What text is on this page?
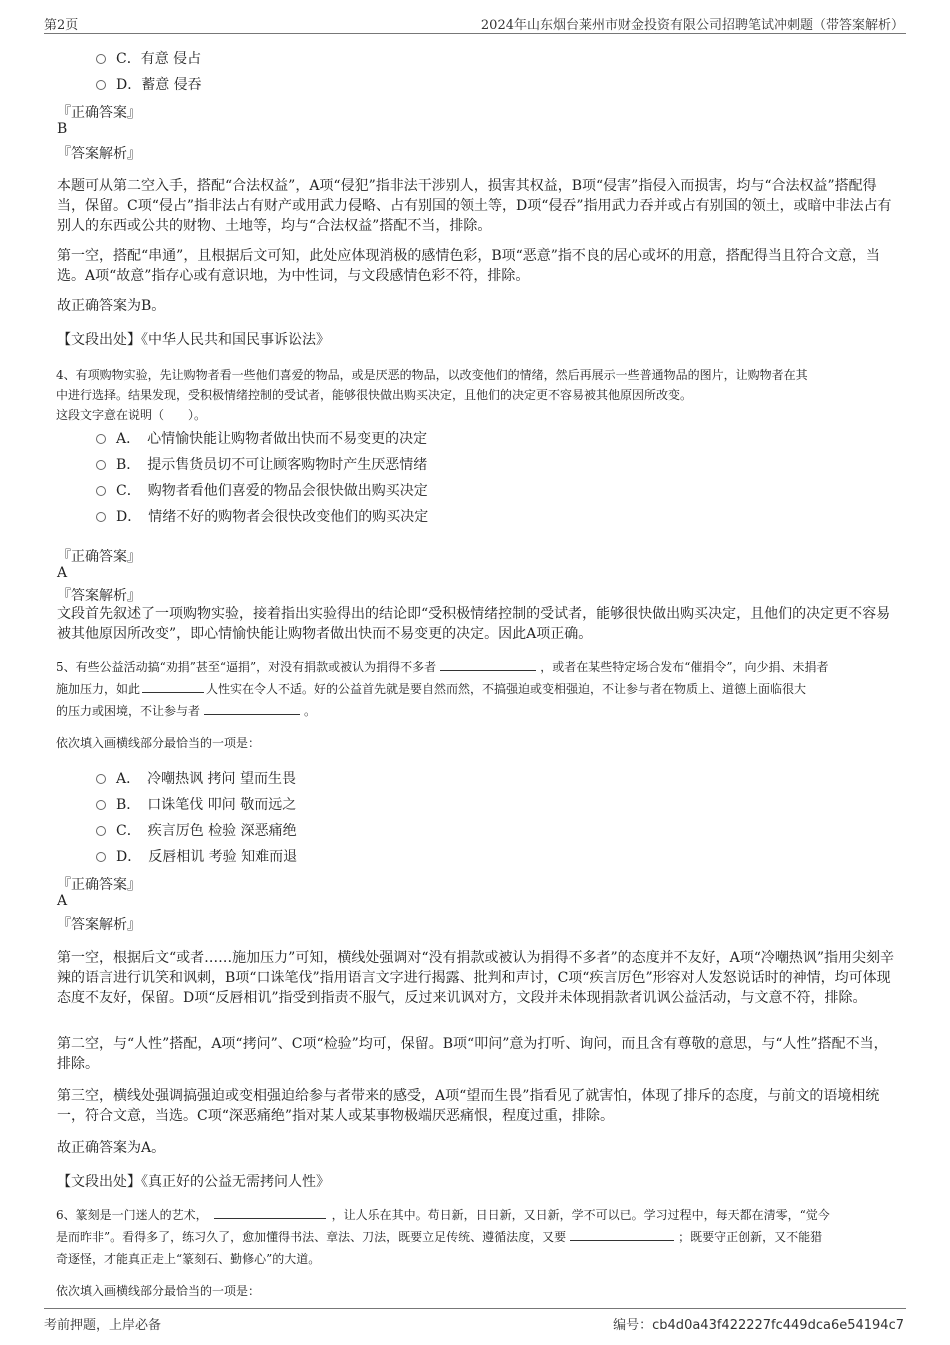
第2页	2024年山东烟台莱州市财金投资有限公司招聘笔试冲刺题（带答案解析）
C．有意 侵占
D．蓄意 侵吞
『正确答案』
B
『答案解析』
本题可从第二空入手，搭配“合法权益”，A项“侵犯”指非法干涉别人，损害其权益，B项“侵害”指侵入而损害，均与“合法权益”搭配得当，保留。C项“侵占”指非法占有财产或用武力侵略、占有别国的领土等，D项“侵吞”指用武力吞并或占有别国的领土，或暗中非法占有别人的东西或公共的财物、土地等，均与“合法权益”搭配不当，排除。
第一空，搭配“串通”，且根据后文可知，此处应体现消极的感情色彩，B项“恶意”指不良的居心或坏的用意，搭配得当且符合文意，当选。A项“故意”指存心或有意识地，为中性词，与文段感情色彩不符，排除。
故正确答案为B。
【文段出处】《中华人民共和国民事诉讼法》
4、有项购物实验，先让购物者看一些他们喜爱的物品，或是厌恶的物品，以改变他们的情绪，然后再展示一些普通物品的图片，让购物者在其
中进行选择。结果发现，受积极情绪控制的受试者，能够很快做出购买决定，且他们的决定更不容易被其他原因所改变。
这段文字意在说明（　　）。
A．　心情愉快能让购物者做出快而不易变更的决定
B．　提示售货员切不可让顾客购物时产生厌恶情绪
C．　购物者看他们喜爱的物品会很快做出购买决定
D．　情绪不好的购物者会很快改变他们的购买决定
『正确答案』
A
『答案解析』
文段首先叙述了一项购物实验，接着指出实验得出的结论即“受积极情绪控制的受试者，能够很快做出购买决定，且他们的决定更不容易被其他原因所改变”，即心情愉快能让购物者做出快而不易变更的决定。因此A项正确。
5、有些公益活动搞“劝捐”甚至“逼捐”，对没有捐款或被认为捐得不多者	，或者在某些特定场合发布“催捐令”，向少捐、未捐者
施加压力，如此	人性实在令人不适。好的公益首先就是要自然而然，不搞强迫或变相强迫，不让参与者在物质上、道德上面临很大
的压力或困境，不让参与者	。
依次填入画横线部分最恰当的一项是：
A．　冷嘲热讽 拷问 望而生畏
B．　口诛笔伐 叩问 敬而远之
C．　疾言厉色 检验 深恶痛绝
D．　反唇相讥 考验 知难而退
『正确答案』
A
『答案解析』
第一空，根据后文“或者……施加压力”可知，横线处强调对“没有捐款或被认为捐得不多者”的态度并不友好，A项“冷嘲热讽”指用尖刻辛辣的语言进行讥笑和讽刺，B项“口诛笔伐”指用语言文字进行揭露、批判和声讨，C项“疾言厉色”形容对人发怒说话时的神情，均可体现态度不友好，保留。D项“反唇相讥”指受到指责不服气，反过来讥讽对方，文段并未体现捐款者讥讽公益活动，与文意不符，排除。
第二空，与“人性”搭配，A项“拷问”、C项“检验”均可，保留。B项“叩问”意为打听、询问，而且含有尊敬的意思，与“人性”搭配不当，排除。
第三空，横线处强调搞强迫或变相强迫给参与者带来的感受，A项“望而生畏”指看见了就害怕，体现了排斥的态度，与前文的语境相统一，符合文意，当选。C项“深恶痛绝”指对某人或某事物极端厌恶痛恨，程度过重，排除。
故正确答案为A。
【文段出处】《真正好的公益无需拷问人性》
6、篆刻是一门迷人的艺术，	，让人乐在其中。苟日新，日日新，又日新，学不可以已。学习过程中，每天都在清零，“觉今
是而昨非”。看得多了，练习久了，愈加懂得书法、章法、刀法，既要立足传统、遵循法度，又要	；既要守正创新，又不能猎
奇逐怪，才能真正走上“篆刻石、勤修心”的大道。
依次填入画横线部分最恰当的一项是：
考前押题，上岸必备	编号：cb4d0a43f422227fc449dca6e54194c7
